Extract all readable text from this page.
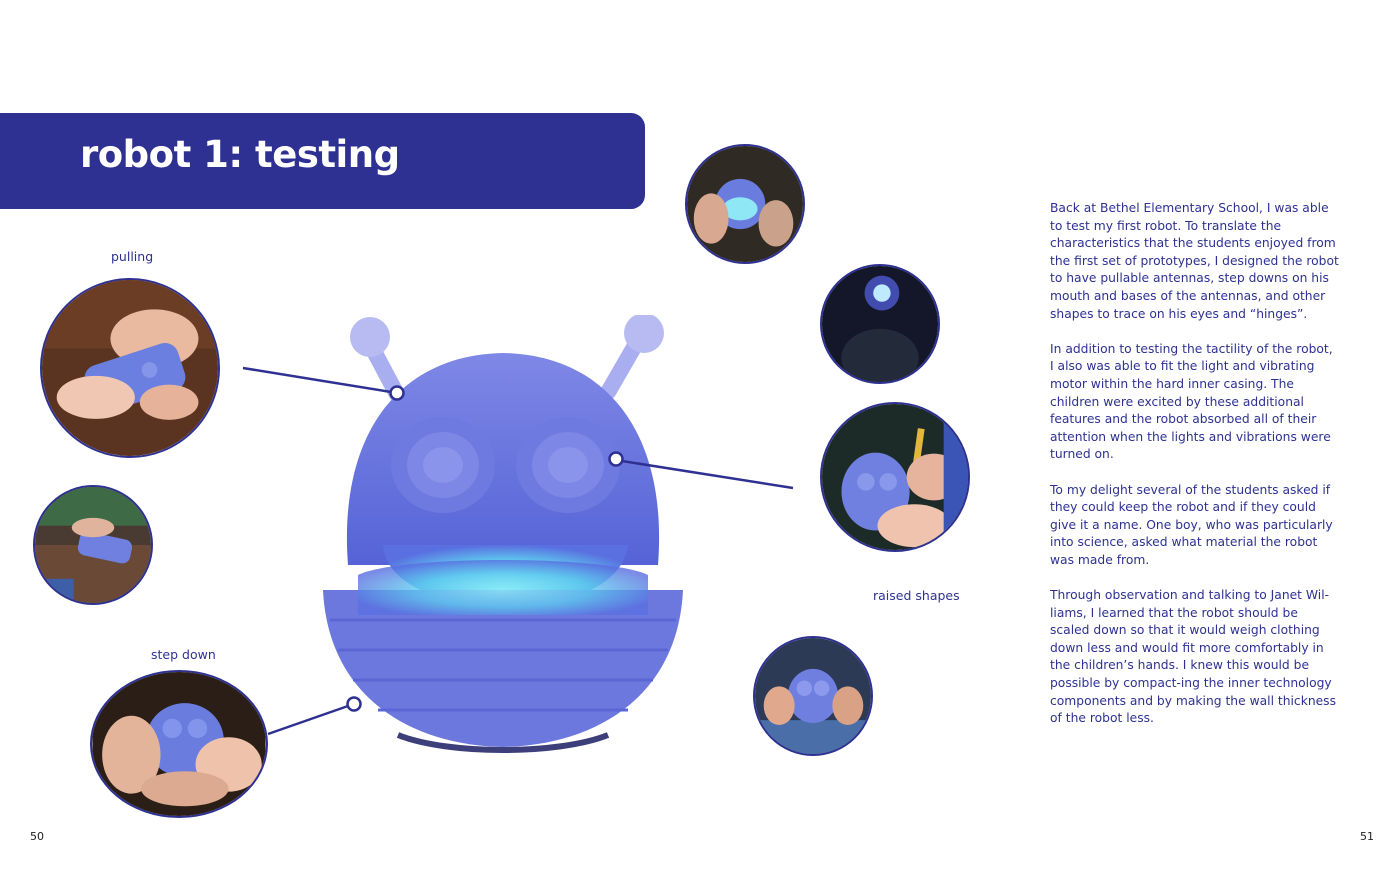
robot 1: testing
pulling
step down
raised shapes

Back at Bethel Elementary School, I was able to test my first robot. To translate the characteristics that the students enjoyed from the first set of prototypes, I designed the robot to have pullable antennas, step downs on his mouth and bases of the antennas, and other shapes to trace on his eyes and “hinges”.

In addition to testing the tactility of the robot, I also was able to fit the light and vibrating motor within the hard inner casing. The children were excited by these additional features and the robot absorbed all of their attention when the lights and vibrations were turned on.

To my delight several of the students asked if they could keep the robot and if they could give it a name. One boy, who was particularly into science, asked what material the robot was made from.

Through observation and talking to Janet Wil-liams, I learned that the robot should be scaled down so that it would weigh clothing down less and would fit more comfortably in the children’s hands. I knew this would be possible by compact-ing the inner technology components and by making the wall thickness of the robot less.

50	51
